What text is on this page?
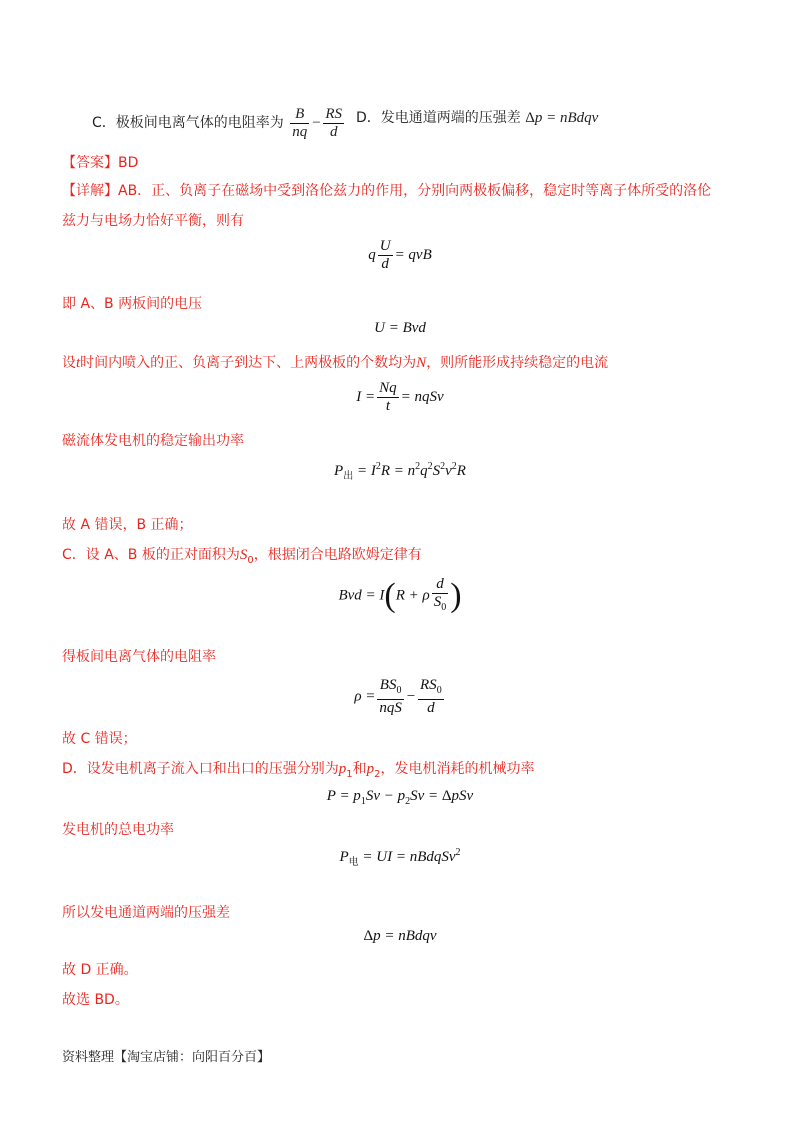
C．极板间电离气体的电阻率为 $\frac{B}{nq} - \frac{RS}{d}$ D．发电通道两端的压强差 Δp = nBdqv
【答案】BD
【详解】AB．正、负离子在磁场中受到洛伦兹力的作用，分别向两极板偏移，稳定时等离子体所受的洛伦
兹力与电场力恰好平衡，则有
q $\frac{U}{d}$ = qvB
即 A、B 两板间的电压
U = Bvd
设t时间内喷入的正、负离子到达下、上两极板的个数均为N，则所能形成持续稳定的电流
$I = \frac{Nq}{t}$ = nqSv
磁流体发电机的稳定输出功率
$P_出 = I^2R = n^2q^2S^2v^2R$
故 A 错误，B 正确；
C．设 A、B 板的正对面积为$S_0$，根据闭合电路欧姆定律有
Bvd = I(R + ρ $\frac{d}{S_0}$ )
得板间电离气体的电阻率
$\rho = \frac{BS_0}{\text{nqS}} - \frac{RS_0}{d}$
故 C 错误；
D．设发电机离子流入口和出口的压强分别为$p_1$和$p_2$，发电机消耗的机械功率
$P = p_1Sv - p_2Sv = \Delta pSv$
发电机的总电功率
$P_电$ = UI = nBdqSv$^2$
所以发电通道两端的压强差
Δp = nBdqv
故 D 正确。
故选 BD。
资料整理【淘宝店铺：向阳百分百】
